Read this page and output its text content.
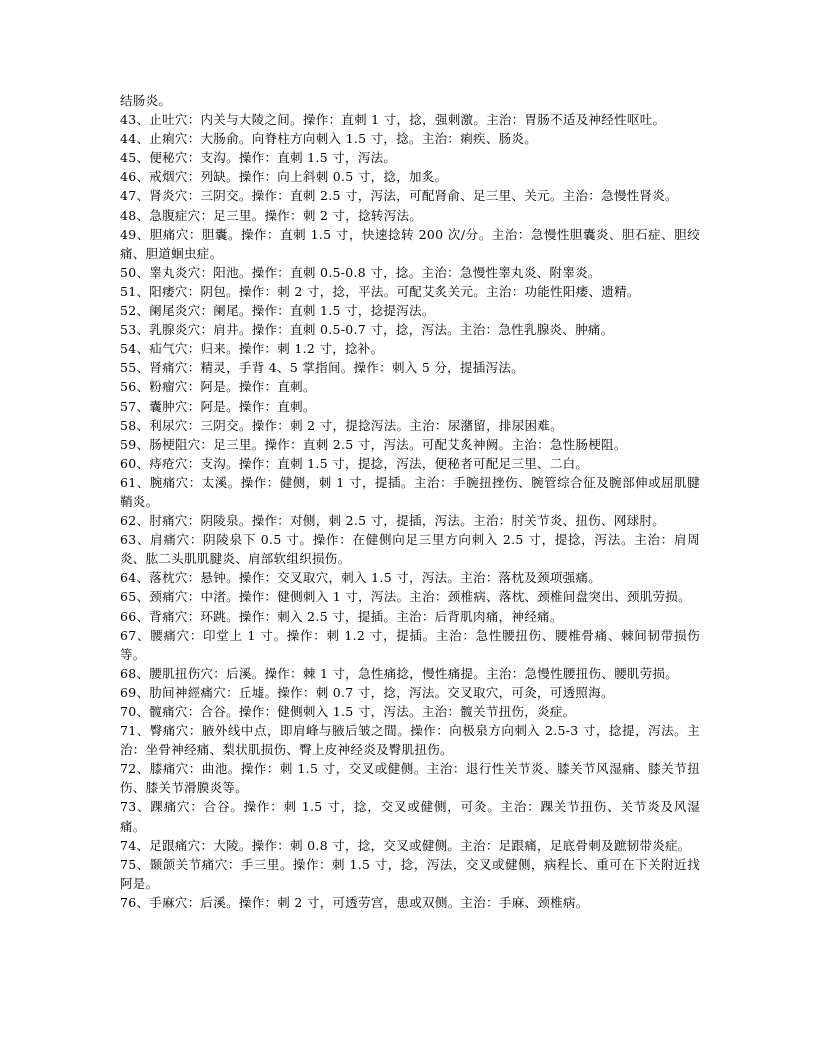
结肠炎。

43、止吐穴：内关与大陵之间。操作：直刺 1 寸，捻，强刺激。主治：胃肠不适及神经性呕吐。

44、止痢穴：大肠俞。向脊柱方向刺入 1.5 寸，捻。主治：痢疾、肠炎。

45、便秘穴：支沟。操作：直刺 1.5 寸，泻法。

46、戒烟穴：列缺。操作：向上斜刺 0.5 寸，捻，加炙。

47、肾炎穴：三阴交。操作：直刺 2.5 寸，泻法，可配肾俞、足三里、关元。主治：急慢性肾炎。

48、急腹症穴：足三里。操作：刺 2 寸，捻转泻法。

49、胆痛穴：胆囊。操作：直刺 1.5 寸，快速捻转 200 次/分。主治：急慢性胆囊炎、胆石症、胆绞痛、胆道蛔虫症。

50、睾丸炎穴：阳池。操作：直刺 0.5-0.8 寸，捻。主治：急慢性睾丸炎、附睾炎。

51、阳痿穴：阴包。操作：刺 2 寸，捻，平法。可配艾炙关元。主治：功能性阳痿、遗精。

52、阑尾炎穴：阑尾。操作：直刺 1.5 寸，捻提泻法。

53、乳腺炎穴：肩井。操作：直刺 0.5-0.7 寸，捻，泻法。主治：急性乳腺炎、肿痛。

54、疝气穴：归来。操作：刺 1.2 寸，捻补。

55、肾痛穴：精灵，手背 4、5 掌指间。操作：刺入 5 分，提插泻法。

56、粉瘤穴：阿是。操作：直刺。

57、囊肿穴：阿是。操作：直刺。

58、利尿穴：三阴交。操作：刺 2 寸，提捻泻法。主治：尿潴留，排尿困难。

59、肠梗阻穴：足三里。操作：直刺 2.5 寸，泻法。可配艾炙神阙。主治：急性肠梗阻。

60、痔疮穴：支沟。操作：直刺 1.5 寸，提捻，泻法，便秘者可配足三里、二白。

61、腕痛穴：太溪。操作：健侧，刺 1 寸，提插。主治：手腕扭挫伤、腕管综合征及腕部伸或屈肌腱鞘炎。

62、肘痛穴：阴陵泉。操作：对侧，刺 2.5 寸，提插，泻法。主治：肘关节炎、扭伤、网球肘。

63、肩痛穴：阴陵泉下 0.5 寸。操作：在健侧向足三里方向刺入 2.5 寸，提捻，泻法。主治：肩周炎、肱二头肌肌腱炎、肩部软组织损伤。

64、落枕穴：悬钟。操作：交叉取穴，刺入 1.5 寸，泻法。主治：落枕及颈项强痛。

65、颈痛穴：中渚。操作：健侧刺入 1 寸，泻法。主治：颈椎病、落枕、颈椎间盘突出、颈肌劳损。

66、背痛穴：环跳。操作：刺入 2.5 寸，提插。主治：后背肌肉痛，神经痛。

67、腰痛穴：印堂上 1 寸。操作：刺 1.2 寸，提插。主治：急性腰扭伤、腰椎骨痛、棘间韧带损伤等。

68、腰肌扭伤穴：后溪。操作：棘 1 寸，急性痛捻，慢性痛提。主治：急慢性腰扭伤、腰肌劳损。

69、肋间神經痛穴：丘墟。操作：刺 0.7 寸，捻，泻法。交叉取穴，可灸，可透照海。

70、髋痛穴：合谷。操作：健侧刺入 1.5 寸，泻法。主治：髋关节扭伤，炎症。

71、臀痛穴：腋外线中点，即肩峰与腋后皱之間。操作：向极泉方向刺入 2.5-3 寸，捻提，泻法。主治：坐骨神经痛、梨状肌损伤、臀上皮神经炎及臀肌扭伤。

72、膝痛穴：曲池。操作：刺 1.5 寸，交叉或健侧。主治：退行性关节炎、膝关节风湿痛、膝关节扭伤、膝关节滑膜炎等。

73、踝痛穴：合谷。操作：刺 1.5 寸，捻，交叉或健侧，可灸。主治：踝关节扭伤、关节炎及风湿痛。

74、足跟痛穴：大陵。操作：刺 0.8 寸，捻，交叉或健侧。主治：足跟痛，足底骨刺及蹠韧带炎症。

75、颞颌关节痛穴：手三里。操作：刺 1.5 寸，捻，泻法，交叉或健侧，病程长、重可在下关附近找阿是。

76、手麻穴：后溪。操作：刺 2 寸，可透劳宫，患或双侧。主治：手麻、颈椎病。
